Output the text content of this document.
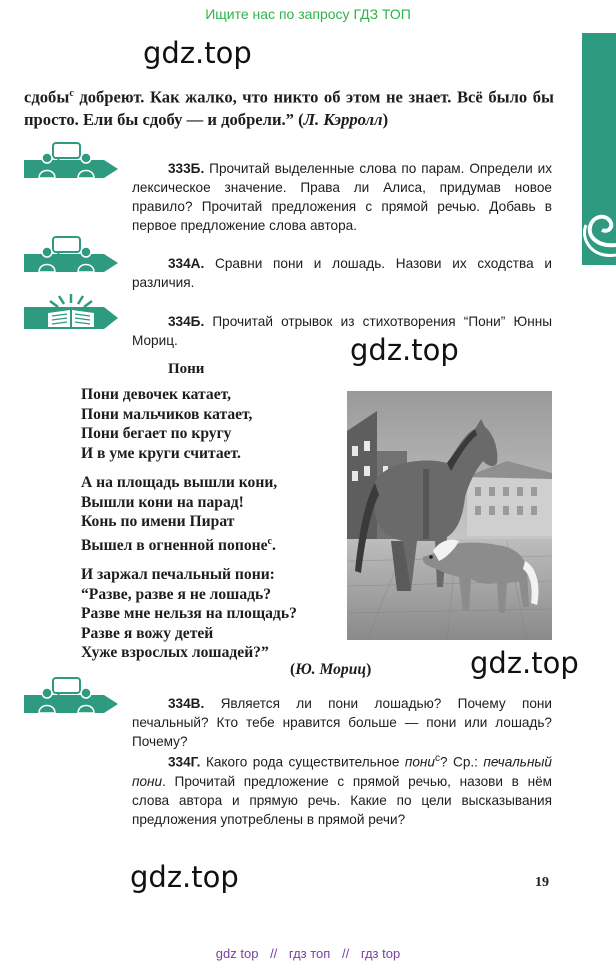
Ищите нас по запросу ГДЗ ТОП
gdz.top
gdz.top
gdz.top
gdz.top
сдобы$^с$ добреют. Как жалко, что никто об этом не знает. Всё было бы просто. Ели бы сдобу — и добрели.” (Л. Кэрролл)
333Б. Прочитай выделенные слова по парам. Определи их лексическое значение. Права ли Алиса, придумав новое правило? Прочитай предложения с прямой речью. Добавь в первое предложение слова автора.
334А. Сравни пони и лошадь. Назови их сходства и различия.
334Б. Прочитай отрывок из стихотворения “Пони” Юнны Мориц.
Пони
Пони девочек катает,
Пони мальчиков катает,
Пони бегает по кругу
И в уме круги считает.
А на площадь вышли кони,
Вышли кони на парад!
Конь по имени Пират
Вышел в огненной попоне$^с$.
И заржал печальный пони:
“Разве, разве я не лошадь?
Разве мне нельзя на площадь?
Разве я вожу детей
Хуже взрослых лошадей?”
(Ю. Мориц)
334В. Является ли пони лошадью? Почему пони печальный? Кто тебе нравится больше — пони или лошадь? Почему?
334Г. Какого рода существительное пони$^с$? Ср.: печальный пони. Прочитай предложение с прямой речью, назови в нём слова автора и прямую речь. Какие по цели высказывания предложения употреблены в прямой речи?
19
gdz top // гдз топ // гдз top
